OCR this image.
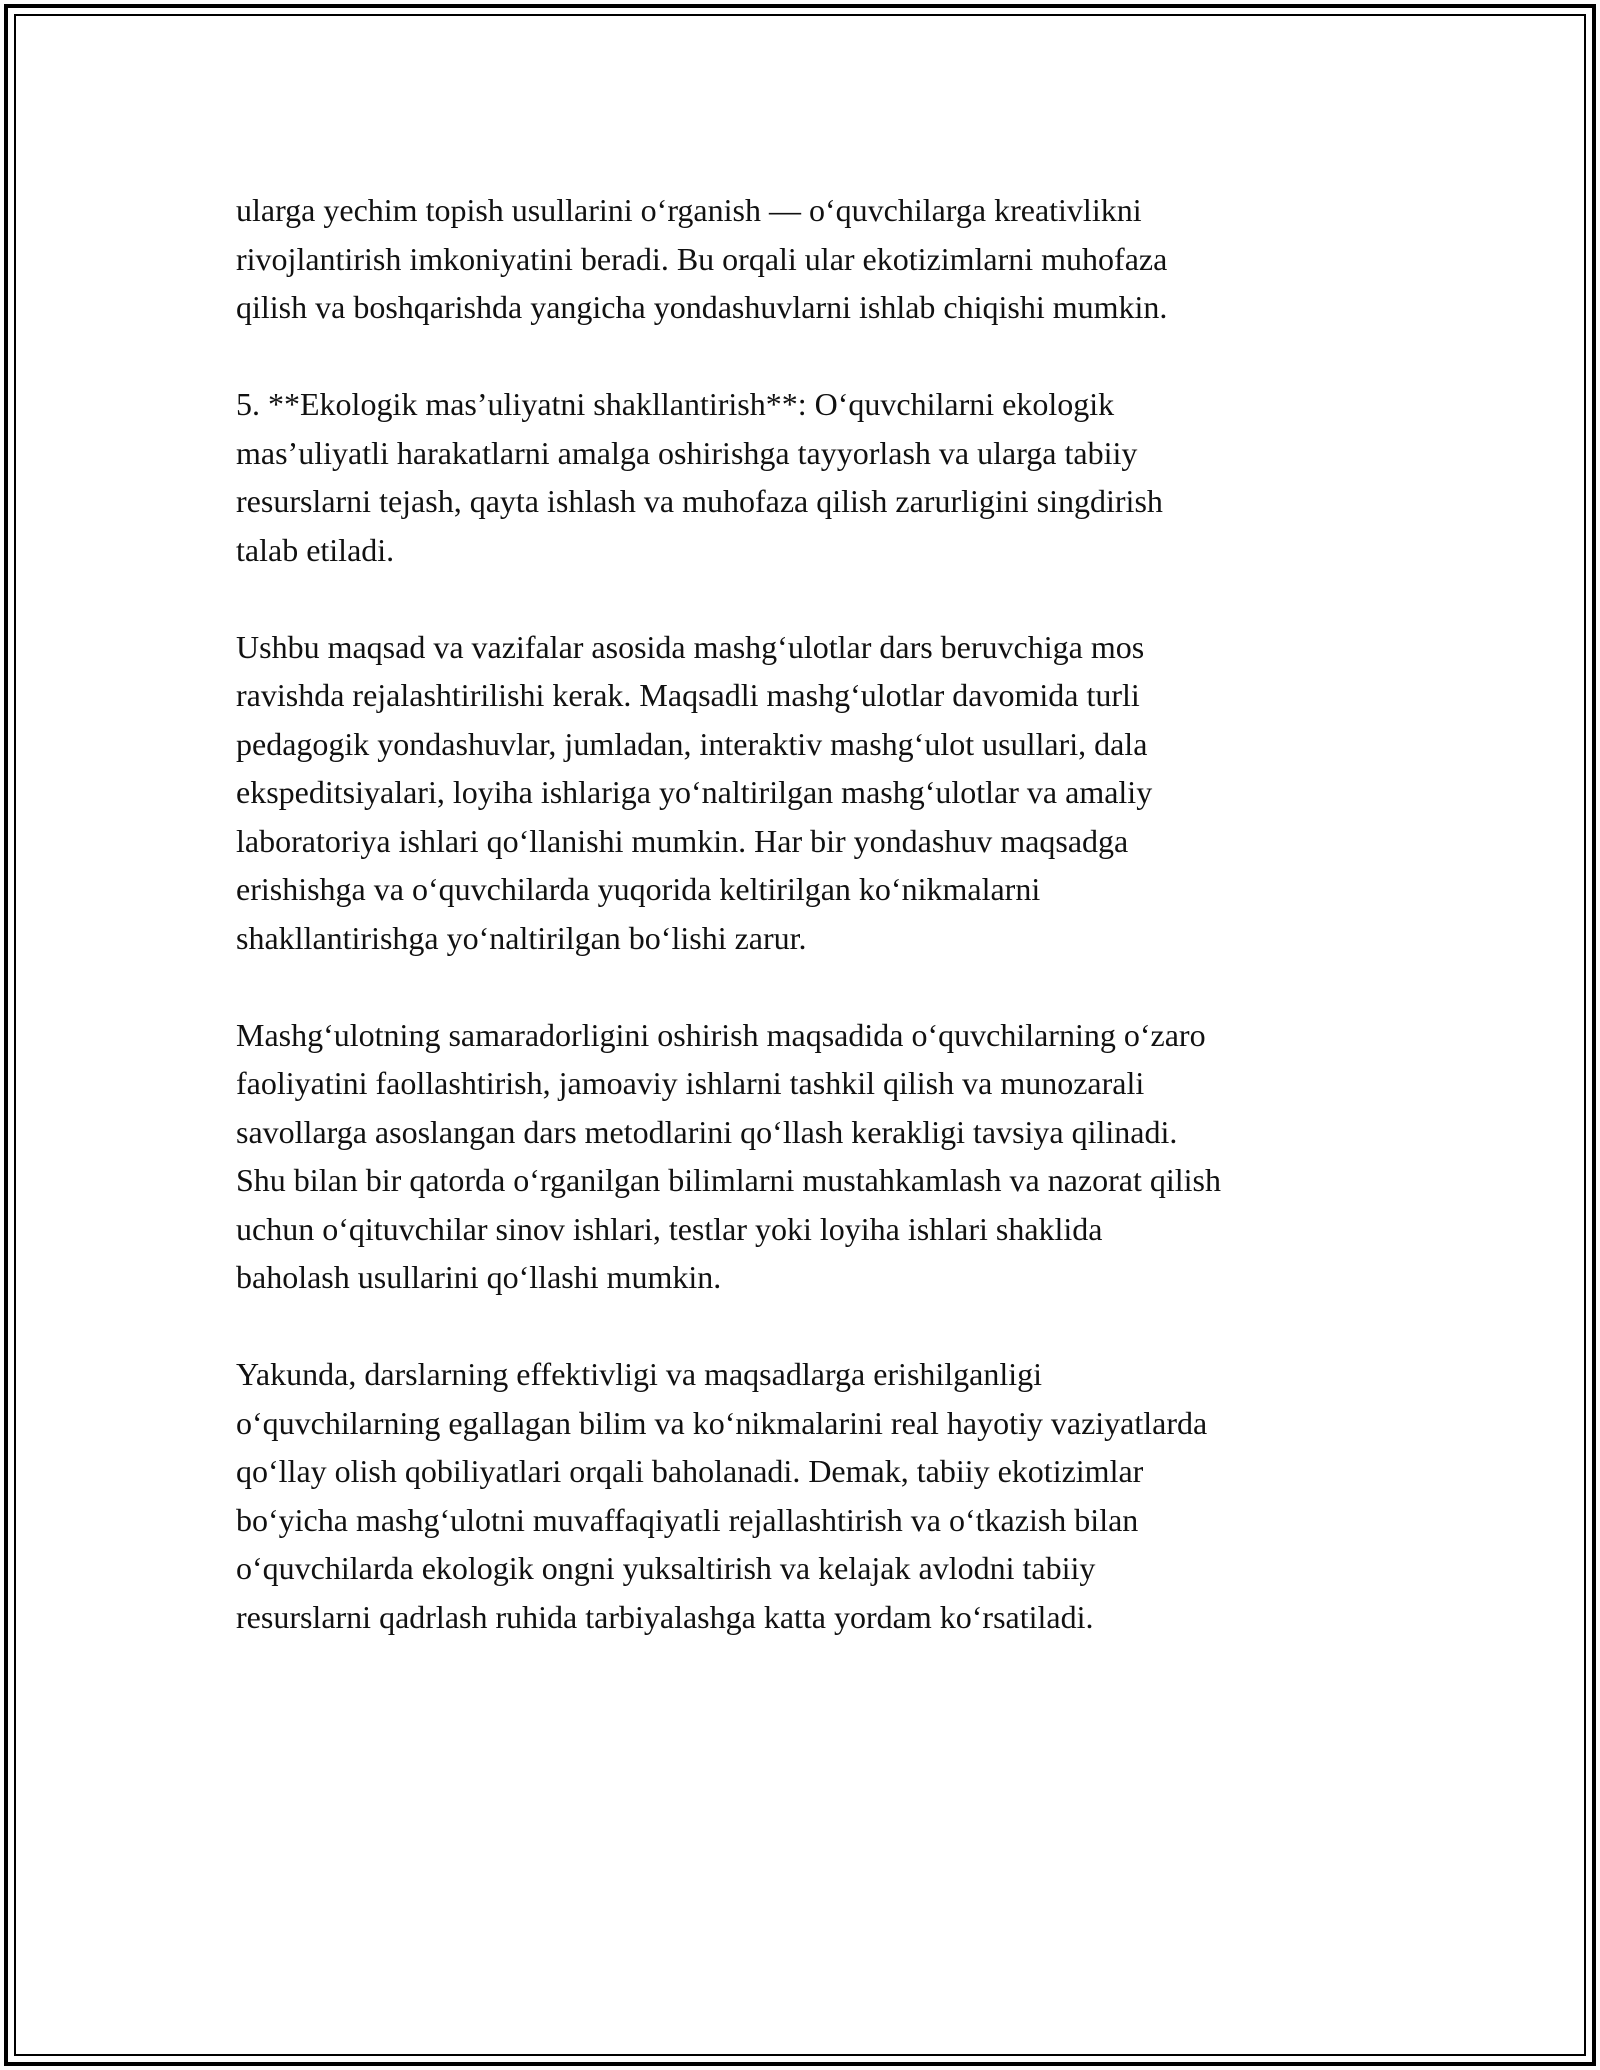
ularga yechim topish usullarini o‘rganish — o‘quvchilarga kreativlikni
rivojlantirish imkoniyatini beradi. Bu orqali ular ekotizimlarni muhofaza
qilish va boshqarishda yangicha yondashuvlarni ishlab chiqishi mumkin.

5. **Ekologik mas’uliyatni shakllantirish**: O‘quvchilarni ekologik
mas’uliyatli harakatlarni amalga oshirishga tayyorlash va ularga tabiiy
resurslarni tejash, qayta ishlash va muhofaza qilish zarurligini singdirish
talab etiladi.

Ushbu maqsad va vazifalar asosida mashg‘ulotlar dars beruvchiga mos
ravishda rejalashtirilishi kerak. Maqsadli mashg‘ulotlar davomida turli
pedagogik yondashuvlar, jumladan, interaktiv mashg‘ulot usullari, dala
ekspeditsiyalari, loyiha ishlariga yo‘naltirilgan mashg‘ulotlar va amaliy
laboratoriya ishlari qo‘llanishi mumkin. Har bir yondashuv maqsadga
erishishga va o‘quvchilarda yuqorida keltirilgan ko‘nikmalarni
shakllantirishga yo‘naltirilgan bo‘lishi zarur.

Mashg‘ulotning samaradorligini oshirish maqsadida o‘quvchilarning o‘zaro
faoliyatini faollashtirish, jamoaviy ishlarni tashkil qilish va munozarali
savollarga asoslangan dars metodlarini qo‘llash kerakligi tavsiya qilinadi.
Shu bilan bir qatorda o‘rganilgan bilimlarni mustahkamlash va nazorat qilish
uchun o‘qituvchilar sinov ishlari, testlar yoki loyiha ishlari shaklida
baholash usullarini qo‘llashi mumkin.

Yakunda, darslarning effektivligi va maqsadlarga erishilganligi
o‘quvchilarning egallagan bilim va ko‘nikmalarini real hayotiy vaziyatlarda
qo‘llay olish qobiliyatlari orqali baholanadi. Demak, tabiiy ekotizimlar
bo‘yicha mashg‘ulotni muvaffaqiyatli rejallashtirish va o‘tkazish bilan
o‘quvchilarda ekologik ongni yuksaltirish va kelajak avlodni tabiiy
resurslarni qadrlash ruhida tarbiyalashga katta yordam ko‘rsatiladi.
